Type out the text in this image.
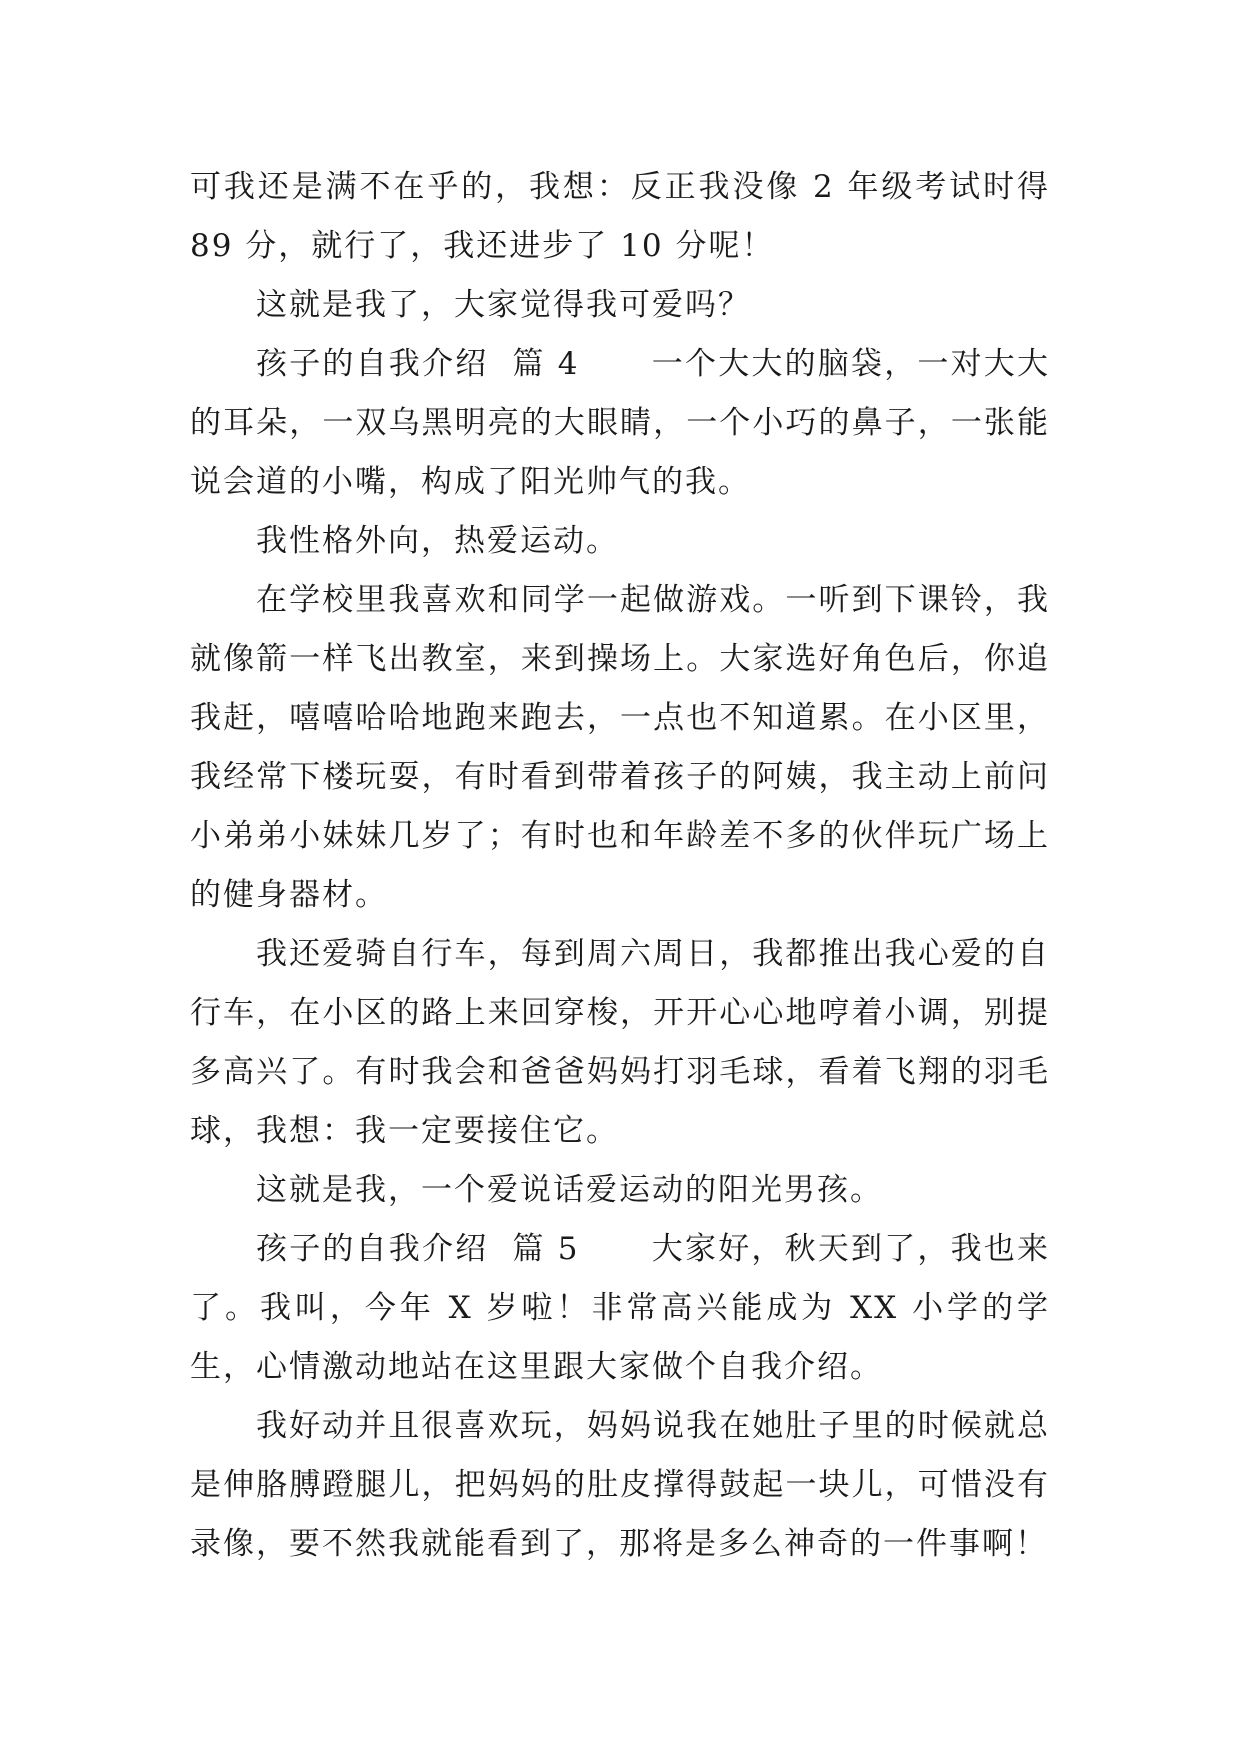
可我还是满不在乎的，我想：反正我没像 2 年级考试时得 89 分，就行了，我还进步了 10 分呢！

这就是我了，大家觉得我可爱吗？

孩子的自我介绍  篇 4      一个大大的脑袋，一对大大的耳朵，一双乌黑明亮的大眼睛，一个小巧的鼻子，一张能说会道的小嘴，构成了阳光帅气的我。

我性格外向，热爱运动。

在学校里我喜欢和同学一起做游戏。一听到下课铃，我就像箭一样飞出教室，来到操场上。大家选好角色后，你追我赶，嘻嘻哈哈地跑来跑去，一点也不知道累。在小区里，我经常下楼玩耍，有时看到带着孩子的阿姨，我主动上前问小弟弟小妹妹几岁了；有时也和年龄差不多的伙伴玩广场上的健身器材。

我还爱骑自行车，每到周六周日，我都推出我心爱的自行车，在小区的路上来回穿梭，开开心心地哼着小调，别提多高兴了。有时我会和爸爸妈妈打羽毛球，看着飞翔的羽毛球，我想：我一定要接住它。

这就是我，一个爱说话爱运动的阳光男孩。

孩子的自我介绍  篇 5      大家好，秋天到了，我也来了。我叫，今年 X 岁啦！非常高兴能成为 XX 小学的学生，心情激动地站在这里跟大家做个自我介绍。

我好动并且很喜欢玩，妈妈说我在她肚子里的时候就总是伸胳膊蹬腿儿，把妈妈的肚皮撑得鼓起一块儿，可惜没有录像，要不然我就能看到了，那将是多么神奇的一件事啊！
